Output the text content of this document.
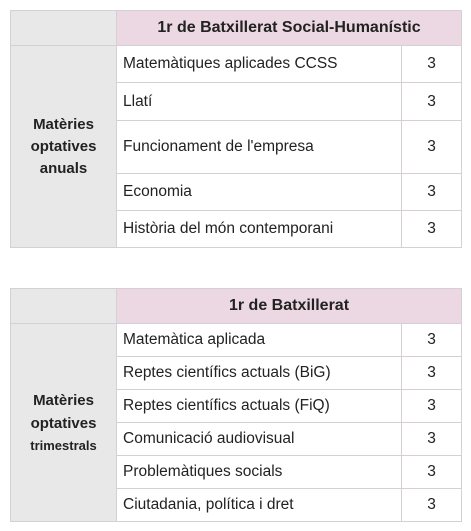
	1r de Batxillerat Social-Humanístic	

Matèries
optatives
anuals	Matemàtiques aplicades CCSS	3
	Llatí	3
	Funcionament de l'empresa	3
	Economia	3
	Història del món contemporani	3
	1r de Batxillerat	

Matèries
optatives
trimestrals	Matemàtica aplicada	3
	Reptes científics actuals (BiG)	3
	Reptes científics actuals (FiQ)	3
	Comunicació audiovisual	3
	Problemàtiques socials	3
	Ciutadania, política i dret	3
